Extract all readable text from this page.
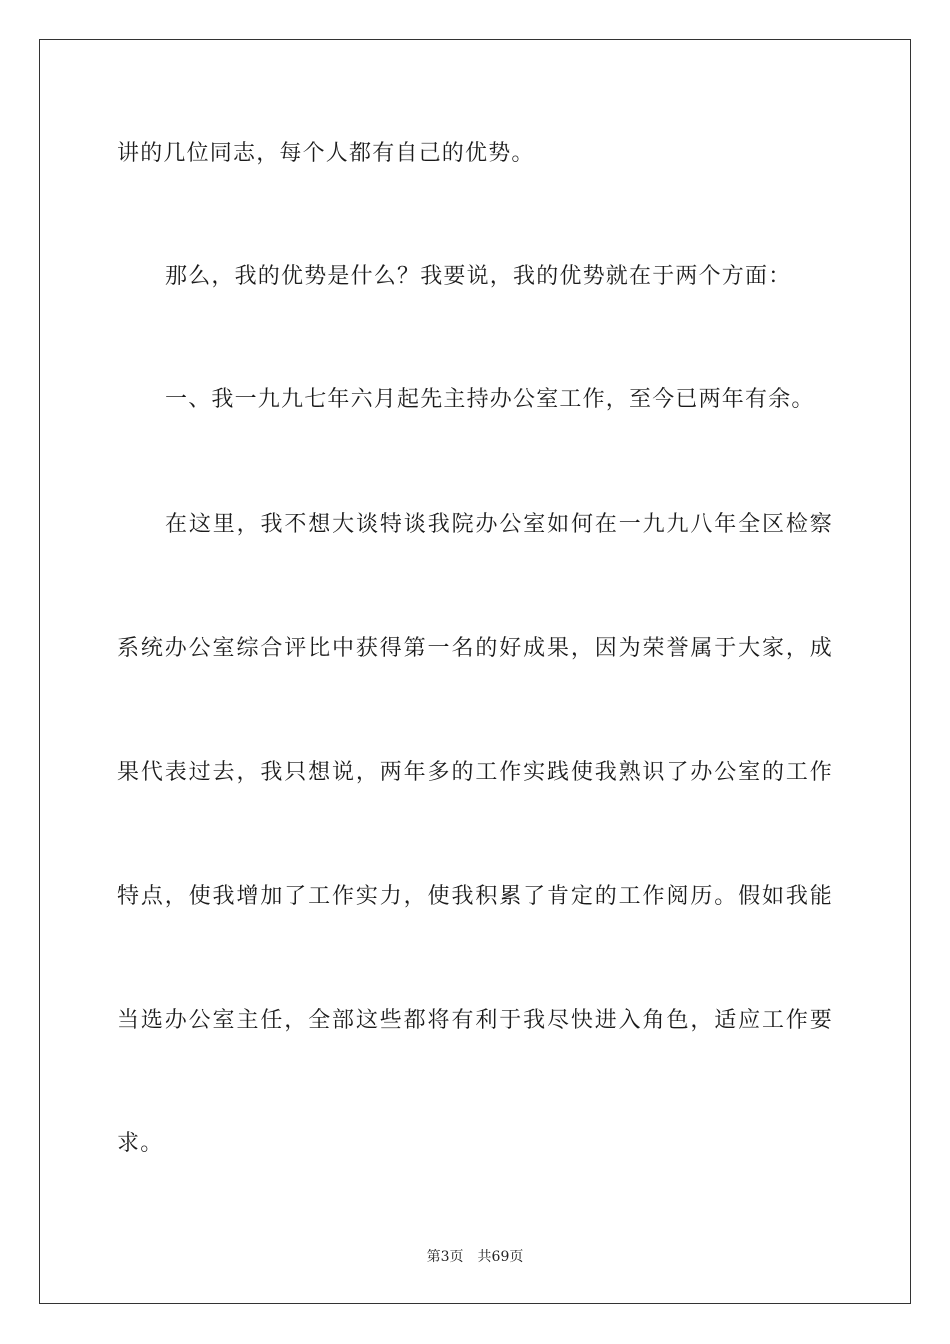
讲的几位同志，每个人都有自己的优势。
那么，我的优势是什么？我要说，我的优势就在于两个方面：
一、我一九九七年六月起先主持办公室工作，至今已两年有余。
在这里，我不想大谈特谈我院办公室如何在一九九八年全区检察
系统办公室综合评比中获得第一名的好成果，因为荣誉属于大家，成
果代表过去，我只想说，两年多的工作实践使我熟识了办公室的工作
特点，使我增加了工作实力，使我积累了肯定的工作阅历。假如我能
当选办公室主任，全部这些都将有利于我尽快进入角色，适应工作要
求。
第3页 共69页
